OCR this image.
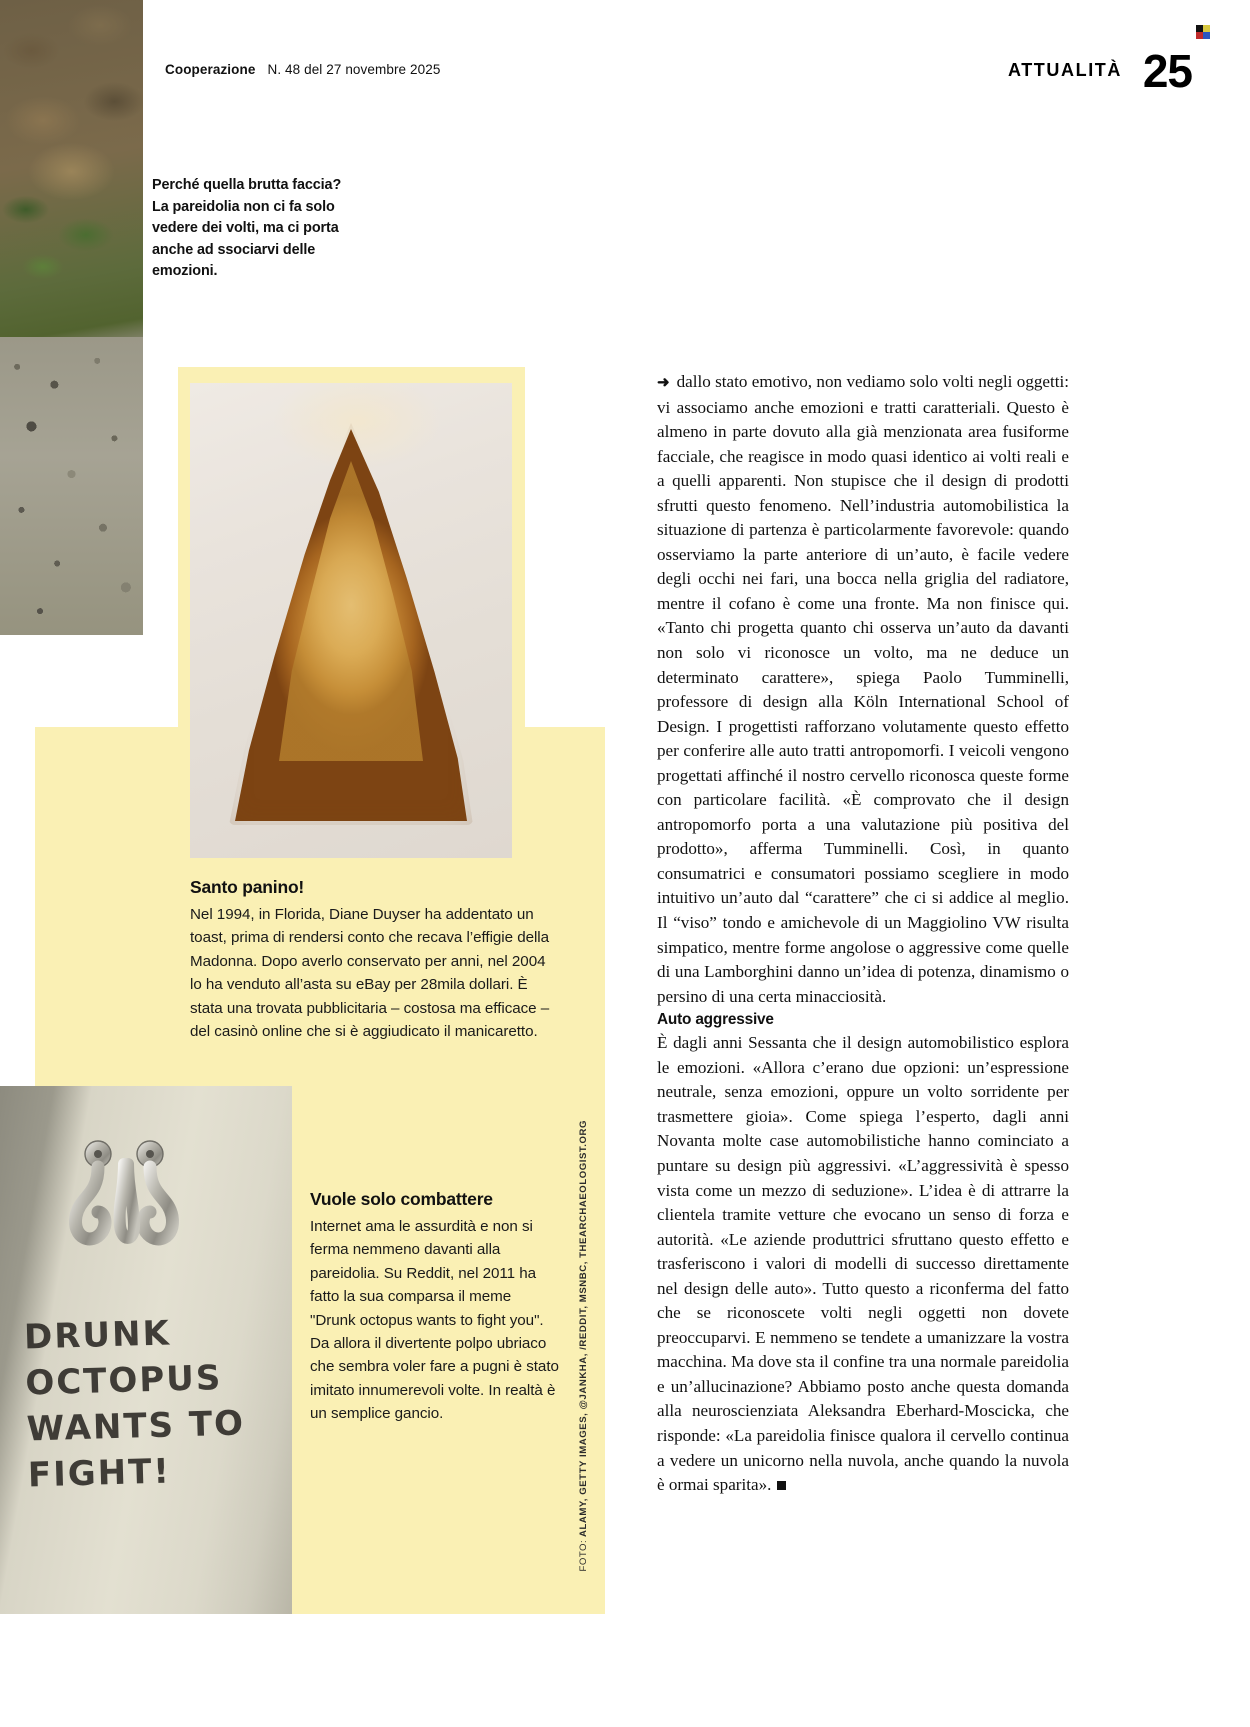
Cooperazione N. 48 del 27 novembre 2025	ATTUALITÀ 25
Perché quella brutta faccia? La pareidolia non ci fa solo vedere dei volti, ma ci porta anche ad ssociarvi delle emozioni.

Santo panino!

Nel 1994, in Florida, Diane Duyser ha addentato un toast, prima di rendersi conto che recava l’effigie della Madonna. Dopo averlo conservato per anni, nel 2004 lo ha venduto all’asta su eBay per 28mila dollari. È stata una trovata pubblicitaria – costosa ma efficace – del casinò online che si è aggiudicato il manicaretto.

DRUNK
OCTOPUS
WANTS TO
FIGHT!

Vuole solo combattere

Internet ama le assurdità e non si ferma nemmeno davanti alla pareidolia. Su Reddit, nel 2011 ha fatto la sua comparsa il meme "Drunk octopus wants to fight you". Da allora il divertente polpo ubriaco che sembra voler fare a pugni è stato imitato innumerevoli volte. In realtà è un semplice gancio.

FOTO: ALAMY, GETTY IMAGES, @JANKHA, /REDDIT, MSNBC, THEARCHAEOLOGIST.ORG

➜ dallo stato emotivo, non vediamo solo volti negli oggetti: vi associamo anche emozioni e tratti caratteriali. Questo è almeno in parte dovuto alla già menzionata area fusiforme facciale, che reagisce in modo quasi identico ai volti reali e a quelli apparenti. Non stupisce che il design di prodotti sfrutti questo fenomeno. Nell’industria automobilistica la situazione di partenza è particolarmente favorevole: quando osserviamo la parte anteriore di un’auto, è facile vedere degli occhi nei fari, una bocca nella griglia del radiatore, mentre il cofano è come una fronte. Ma non finisce qui. «Tanto chi progetta quanto chi osserva un’auto da davanti non solo vi riconosce un volto, ma ne deduce un determinato carattere», spiega Paolo Tumminelli, professore di design alla Köln International School of Design. I progettisti rafforzano volutamente questo effetto per conferire alle auto tratti antropomorfi. I veicoli vengono progettati affinché il nostro cervello riconosca queste forme con particolare facilità. «È comprovato che il design antropomorfo porta a una valutazione più positiva del prodotto», afferma Tumminelli. Così, in quanto consumatrici e consumatori possiamo scegliere in modo intuitivo un’auto dal “carattere” che ci si addice al meglio. Il “viso” tondo e amichevole di un Maggiolino VW risulta simpatico, mentre forme angolose o aggressive come quelle di una Lamborghini danno un’idea di potenza, dinamismo o persino di una certa minacciosità.

Auto aggressive

È dagli anni Sessanta che il design automobilistico esplora le emozioni. «Allora c’erano due opzioni: un’espressione neutrale, senza emozioni, oppure un volto sorridente per trasmettere gioia». Come spiega l’esperto, dagli anni Novanta molte case automobilistiche hanno cominciato a puntare su design più aggressivi. «L’aggressività è spesso vista come un mezzo di seduzione». L’idea è di attrarre la clientela tramite vetture che evocano un senso di forza e autorità. «Le aziende produttrici sfruttano questo effetto e trasferiscono i valori di modelli di successo direttamente nel design delle auto». Tutto questo a riconferma del fatto che se riconoscete volti negli oggetti non dovete preoccuparvi. E nemmeno se tendete a umanizzare la vostra macchina. Ma dove sta il confine tra una normale pareidolia e un’allucinazione? Abbiamo posto anche questa domanda alla neuroscienziata Aleksandra Eberhard-Moscicka, che risponde: «La pareidolia finisce qualora il cervello continua a vedere un unicorno nella nuvola, anche quando la nuvola è ormai sparita».
